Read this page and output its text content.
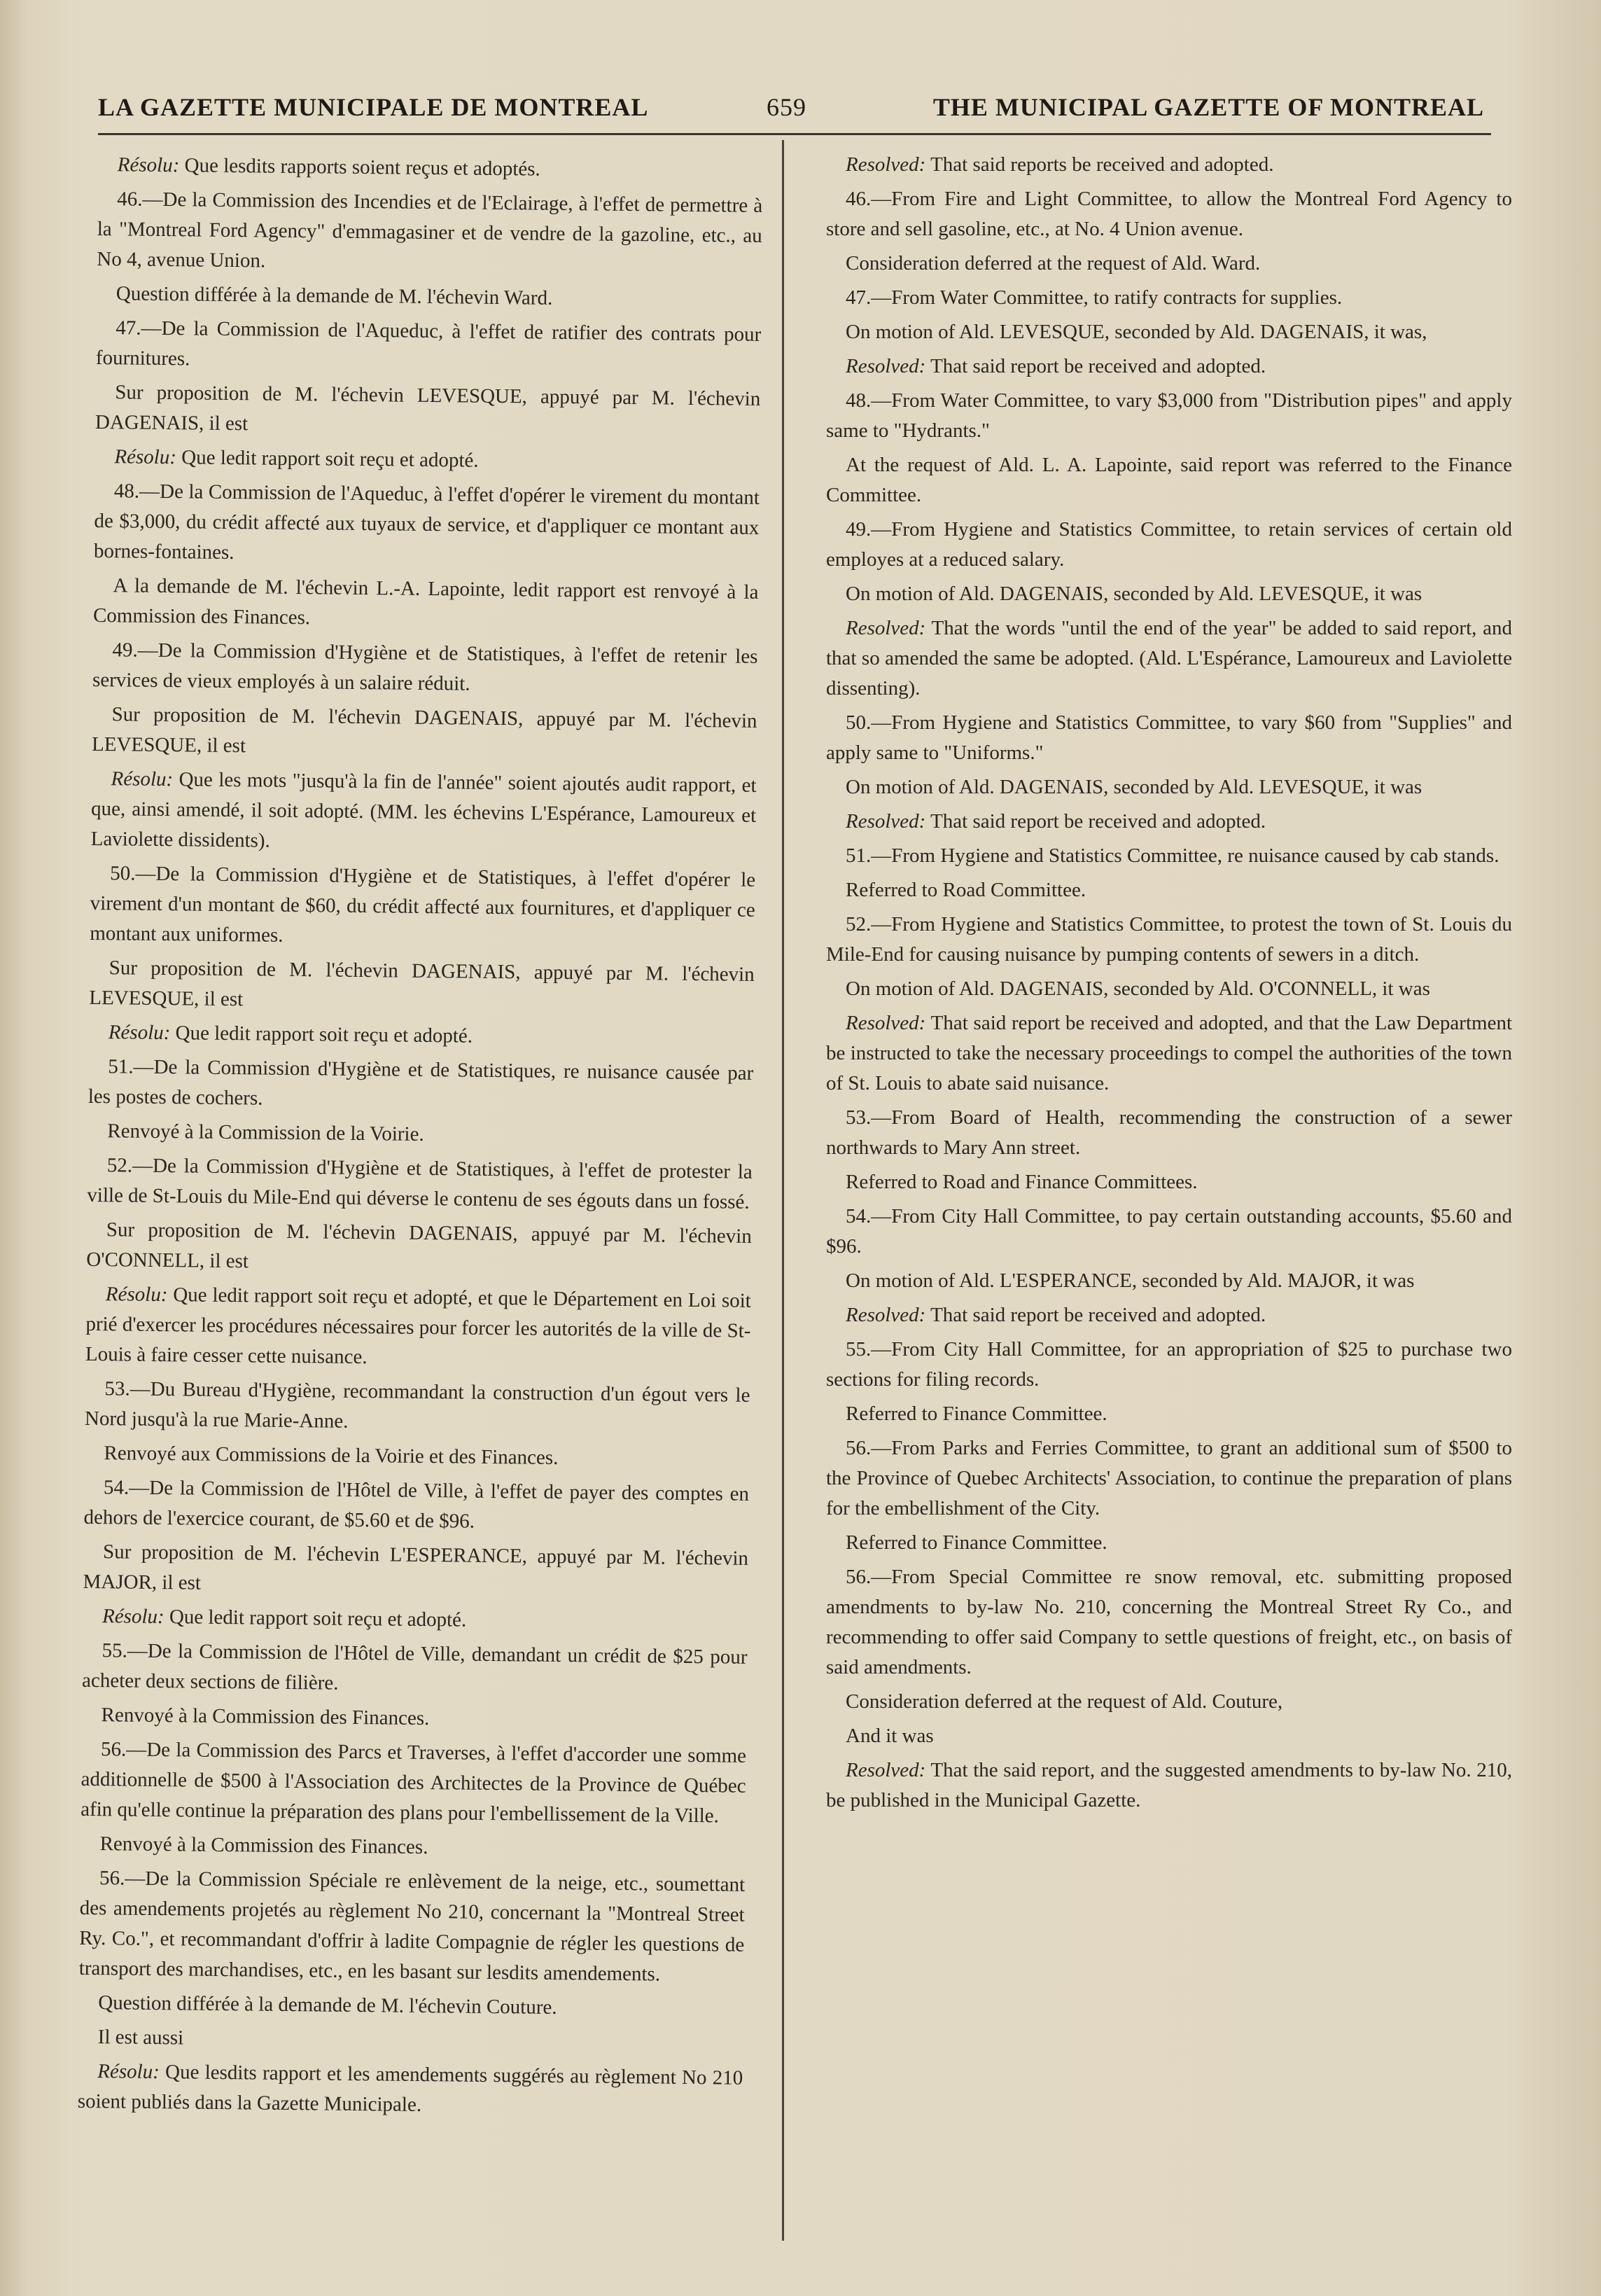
LA GAZETTE MUNICIPALE DE MONTREAL	659	THE MUNICIPAL GAZETTE OF MONTREAL

Résolu: Que lesdits rapports soient reçus et adoptés.

46.—De la Commission des Incendies et de l'Eclairage, à l'effet de permettre à la "Montreal Ford Agency" d'emmagasiner et de vendre de la gazoline, etc., au No 4, avenue Union.

Question différée à la demande de M. l'échevin Ward.

47.—De la Commission de l'Aqueduc, à l'effet de ratifier des contrats pour fournitures.

Sur proposition de M. l'échevin LEVESQUE, appuyé par M. l'échevin DAGENAIS, il est

Résolu: Que ledit rapport soit reçu et adopté.

48.—De la Commission de l'Aqueduc, à l'effet d'opérer le virement du montant de $3,000, du crédit affecté aux tuyaux de service, et d'appliquer ce montant aux bornes-fontaines.

A la demande de M. l'échevin L.-A. Lapointe, ledit rapport est renvoyé à la Commission des Finances.

49.—De la Commission d'Hygiène et de Statistiques, à l'effet de retenir les services de vieux employés à un salaire réduit.

Sur proposition de M. l'échevin DAGENAIS, appuyé par M. l'échevin LEVESQUE, il est

Résolu: Que les mots "jusqu'à la fin de l'année" soient ajoutés audit rapport, et que, ainsi amendé, il soit adopté. (MM. les échevins L'Espérance, Lamoureux et Laviolette dissidents).

50.—De la Commission d'Hygiène et de Statistiques, à l'effet d'opérer le virement d'un montant de $60, du crédit affecté aux fournitures, et d'appliquer ce montant aux uniformes.

Sur proposition de M. l'échevin DAGENAIS, appuyé par M. l'échevin LEVESQUE, il est

Résolu: Que ledit rapport soit reçu et adopté.

51.—De la Commission d'Hygiène et de Statistiques, re nuisance causée par les postes de cochers.

Renvoyé à la Commission de la Voirie.

52.—De la Commission d'Hygiène et de Statistiques, à l'effet de protester la ville de St-Louis du Mile-End qui déverse le contenu de ses égouts dans un fossé.

Sur proposition de M. l'échevin DAGENAIS, appuyé par M. l'échevin O'CONNELL, il est

Résolu: Que ledit rapport soit reçu et adopté, et que le Département en Loi soit prié d'exercer les procédures nécessaires pour forcer les autorités de la ville de St-Louis à faire cesser cette nuisance.

53.—Du Bureau d'Hygiène, recommandant la construction d'un égout vers le Nord jusqu'à la rue Marie-Anne.

Renvoyé aux Commissions de la Voirie et des Finances.

54.—De la Commission de l'Hôtel de Ville, à l'effet de payer des comptes en dehors de l'exercice courant, de $5.60 et de $96.

Sur proposition de M. l'échevin L'ESPERANCE, appuyé par M. l'échevin MAJOR, il est

Résolu: Que ledit rapport soit reçu et adopté.

55.—De la Commission de l'Hôtel de Ville, demandant un crédit de $25 pour acheter deux sections de filière.

Renvoyé à la Commission des Finances.

56.—De la Commission des Parcs et Traverses, à l'effet d'accorder une somme additionnelle de $500 à l'Association des Architectes de la Province de Québec afin qu'elle continue la préparation des plans pour l'embellissement de la Ville.

Renvoyé à la Commission des Finances.

56.—De la Commission Spéciale re enlèvement de la neige, etc., soumettant des amendements projetés au règlement No 210, concernant la "Montreal Street Ry. Co.", et recommandant d'offrir à ladite Compagnie de régler les questions de transport des marchandises, etc., en les basant sur lesdits amendements.

Question différée à la demande de M. l'échevin Couture.

Il est aussi

Résolu: Que lesdits rapport et les amendements suggérés au règlement No 210 soient publiés dans la Gazette Municipale.

Resolved: That said reports be received and adopted.

46.—From Fire and Light Committee, to allow the Montreal Ford Agency to store and sell gasoline, etc., at No. 4 Union avenue.

Consideration deferred at the request of Ald. Ward.

47.—From Water Committee, to ratify contracts for supplies.

On motion of Ald. LEVESQUE, seconded by Ald. DAGENAIS, it was,

Resolved: That said report be received and adopted.

48.—From Water Committee, to vary $3,000 from "Distribution pipes" and apply same to "Hydrants."

At the request of Ald. L. A. Lapointe, said report was referred to the Finance Committee.

49.—From Hygiene and Statistics Committee, to retain services of certain old employes at a reduced salary.

On motion of Ald. DAGENAIS, seconded by Ald. LEVESQUE, it was

Resolved: That the words "until the end of the year" be added to said report, and that so amended the same be adopted. (Ald. L'Espérance, Lamoureux and Laviolette dissenting).

50.—From Hygiene and Statistics Committee, to vary $60 from "Supplies" and apply same to "Uniforms."

On motion of Ald. DAGENAIS, seconded by Ald. LEVESQUE, it was

Resolved: That said report be received and adopted.

51.—From Hygiene and Statistics Committee, re nuisance caused by cab stands.

Referred to Road Committee.

52.—From Hygiene and Statistics Committee, to protest the town of St. Louis du Mile-End for causing nuisance by pumping contents of sewers in a ditch.

On motion of Ald. DAGENAIS, seconded by Ald. O'CONNELL, it was

Resolved: That said report be received and adopted, and that the Law Department be instructed to take the necessary proceedings to compel the authorities of the town of St. Louis to abate said nuisance.

53.—From Board of Health, recommending the construction of a sewer northwards to Mary Ann street.

Referred to Road and Finance Committees.

54.—From City Hall Committee, to pay certain outstanding accounts, $5.60 and $96.

On motion of Ald. L'ESPERANCE, seconded by Ald. MAJOR, it was

Resolved: That said report be received and adopted.

55.—From City Hall Committee, for an appropriation of $25 to purchase two sections for filing records.

Referred to Finance Committee.

56.—From Parks and Ferries Committee, to grant an additional sum of $500 to the Province of Quebec Architects' Association, to continue the preparation of plans for the embellishment of the City.

Referred to Finance Committee.

56.—From Special Committee re snow removal, etc. submitting proposed amendments to by-law No. 210, concerning the Montreal Street Ry Co., and recommending to offer said Company to settle questions of freight, etc., on basis of said amendments.

Consideration deferred at the request of Ald. Couture,

And it was

Resolved: That the said report, and the suggested amendments to by-law No. 210, be published in the Municipal Gazette.
